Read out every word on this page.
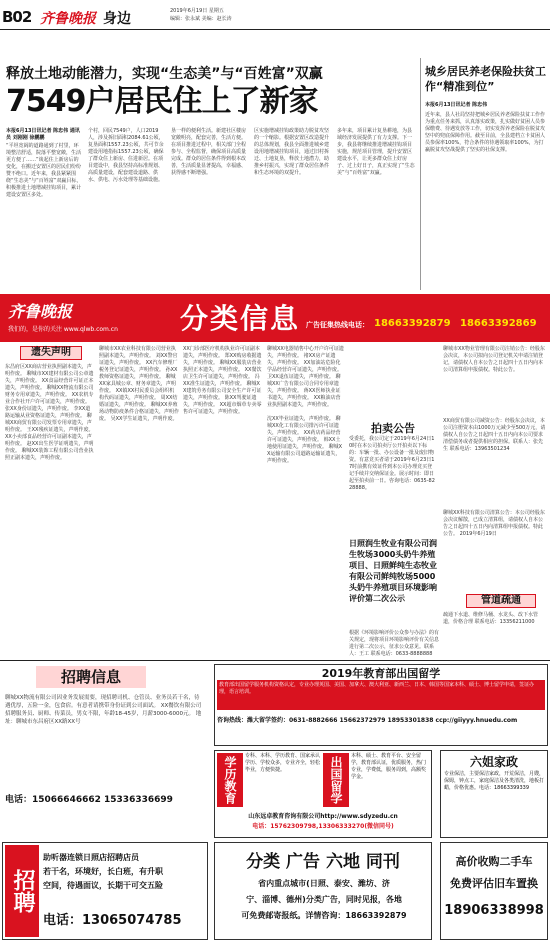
B02 齐鲁晚报 身边	2019年6月19日 星期五
编辑：张永斌 美编：赵长涛
释放土地动能潜力，实现“生态美”与“百姓富”双赢
7549户居民住上了新家
本报6月13日讯记者 陈忠伟 通讯员 刘刚刚 徐鹏鹏
“平坦宽阔的道路通到了村里，环境整洁舒适，院落平整宽敞，生活更方便了……”谈起住上新房后的变化，在搬迁安置区的居民们纷纷赞不绝口。近年来，我县紧紧围绕“生态美”与“百姓富”双赢目标，积极推进土地增减挂钩项目，累计建设安置区多处。
个村，回民7549户，人口2019人，涉及拆旧面积2084.61公顷，复垦面积1557.23公顷，共可节余建设用地指标1557.23公顷，确保了群众住上新房、住进新居。在项目建设中，我县坚持高标准规划、高质量建设，配套建设道路、供水、供电、污水处理等基础设施。
垦一样的便利生活。新建社区楼房宽敞明亮，配套完善，生活方便。在项目推进过程中，相关部门全程参与、全程监督，确保项目高质量完成。群众的居住条件得到根本改善，生活质量显著提高，幸福感、获得感不断增强。
区实施增减挂钩政策助力脱贫攻坚的一个缩影。根据安置区改造提升的总体规划，我县全面推进城乡建设用地增减挂钩项目，通过旧村拆迁、土地复垦，释放土地潜力，助推乡村振兴，实现了群众居住条件和生态环境的双提升。
多年来，项目累计复垦耕地，为县域经济发展提供了有力支撑。下一步，我县将继续推进增减挂钩项目实施，规范项目管理，提升安置区建设水平，让更多群众住上好房子、过上好日子，真正实现了“生态美”与“百姓富”双赢。
城乡居民养老保险扶贫工作“精准到位”
本报6月13日讯记者 陈忠伟
近年来，县人社局坚持把城乡居民养老保险扶贫工作作为重点任务来抓，认真落实政策，扎实做好贫困人员参保缴费、待遇发放等工作，切实发挥养老保险在脱贫攻坚中的兜底保障作用。截至目前，全县建档立卡贫困人员参保率100%，符合条件的待遇领取率100%，为打赢脱贫攻坚战提供了坚实的社保支撑。
齐鲁晚报
我们的，是你的关注 www.qlwb.com.cn	分类信息 广告征集热线电话： 18663392879 18663392869
遗失声明
东昌府区XX商店营业执照副本遗失，声明作废。 聊城市XX建材有限公司公章遗失，声明作废。 XX食品经营许可证正本遗失，声明作废。 聊城XX物流有限公司财务专用章遗失，声明作废。 XX农机专业合作社开户许可证遗失，声明作废。 张XX身份证遗失，声明作废。 李XX道路运输从业资格证遗失，声明作废。 聊城XX商贸有限公司发票专用章遗失，声明作废。 王XX残疾证遗失，声明作废。 XX小卖部食品经营许可证副本遗失，声明作废。 赵XX出生医学证明遗失，声明作废。 聊城XX装饰工程有限公司营业执照正副本遗失，声明作废。
聊城市XX农业科技有限公司营业执照副本遗失，声明作废。 刘XX警官证遗失，声明作废。 XX汽车修理厂税务登记证遗失，声明作废。 孙XX教师资格证遗失，声明作废。 聊城XX家具城公章、财务章遗失，声明作废。 XX镇XX村民委员会组织机构代码证遗失，声明作废。 周XX结婚证遗失，声明作废。 聊城XX养殖场动物防疫条件合格证遗失，声明作废。 吴XX学生证遗失，声明作废。
XX门诊部医疗机构执业许可证副本遗失，声明作废。 郑XX购房收据遗失，声明作废。 聊城XX服装店营业执照正本遗失，声明作废。 XX餐饮店卫生许可证遗失，声明作废。 冯XX准生证遗失，声明作废。 聊城XX建筑劳务有限公司安全生产许可证遗失，声明作废。 陈XX驾驶证遗失，声明作废。 XX超市烟草专卖零售许可证遗失，声明作废。
聊城XX电器销售中心开户许可证遗失，声明作废。 褚XX房产证遗失，声明作废。 XX加油站危险化学品经营许可证遗失，声明作废。 卫XX退伍证遗失，声明作废。 聊城XX广告有限公司合同专用章遗失，声明作废。 蒋XX医师执业证书遗失，声明作废。 XX粮油店营业执照副本遗失，声明作废。
沈XX毕业证遗失，声明作废。 聊城XX化工有限公司排污许可证遗失，声明作废。 XX药店药品经营许可证遗失，声明作废。 韩XX土地使用证遗失，声明作废。 聊城XX运输有限公司道路运输证遗失，声明作废。
拍卖公告
受委托，我公司定于2019年6月24日10时在本公司拍卖厅公开拍卖以下标的：车辆一批、办公设备一批及废旧物资。有意竞买者请于2019年6月23日17时前携有效证件到本公司办理竞买登记手续并交纳保证金。展示时间：即日起至拍卖前一日。咨询电话：0635-8228888。
日照润生牧业有限公司润生牧场3000头奶牛养殖项目、日照鲜纯生态牧业有限公司鲜纯牧场5000头奶牛养殖项目环境影响评价第二次公示
根据《环境影响评价公众参与办法》的有关规定，现将项目环境影响评价有关信息进行第二次公示，征求公众意见。联系人：王工 联系电话：0633-8888888
聊城市XX物业管理有限公司注销公告：经股东会决议，本公司拟向公司登记机关申请注销登记，请债权人自本公告之日起四十五日内向本公司清算组申报债权。特此公告。
XX商贸有限公司减资公告：经股东会决议，本公司注册资本由1000万元减少至500万元，请债权人自公告之日起四十五日内向本公司要求清偿债务或者提供相应的担保。联系人：张先生 联系电话：13963501234
聊城XX科技有限公司清算公告：本公司经股东会决议解散，已成立清算组，请债权人自本公告之日起四十五日内向清算组申报债权。特此公告。 2019年6月19日
管道疏通
疏通下水道、维修马桶、水龙头、改下水管道，价格合理 联系电话：13356211000
招聘信息
聊城XX物流有限公司因业务发展需要，现招聘司机、仓管员、业务员若干名，待遇优厚，五险一金，包食宿。有意者请携带身份证到公司面试。 XX餐饮有限公司招聘服务员、厨师、传菜员，男女不限，年龄18-45岁，月薪3000-6000元。 地址：聊城市东昌府区XX路XX号
电话：15066646662 15336336699
2019年教育部出国留学
教育部出国留学服务机构资格认定，专业办理英国、美国、加拿大、澳大利亚、新西兰、日本、韩国等国家本科、硕士、博士留学申请，签证办理，语言培训。
咨询热线：潍大留学签约：0631-8882666 15662372979 18953301838 ccp://giiyyy.hnuedu.com
学历教育	专科、本科、学历教育、国家承认学历、学校众多，专业齐全，轻松毕业，方便快捷。	出国留学	本科、硕士、教育平台、安全留学，教育部认证，优质服务，热门专业，学费低，服务周到，高额奖学金。
山东远卓教育咨询有限公司http://www.sdyzedu.cn
电话：15762309798,13306333270(微信同号)
六姐家政
专业保洁，主要保洁家政，开荒保洁，月嫂，保姆，钟点工，家庭保洁及各类清洗，地板打蜡，价格优惠。电话：18663399339
招聘
助听器连锁日照店招聘店员
若干名，环境好，长白班，有升职
空间，待遇面议，长期干可交五险
电话：13065074785
分类 广告 六地 同刊
省内重点城市(日照、泰安、潍坊、济
宁、淄博、德州)分类广告，同时见报，各地
可免费邮寄报纸。详情咨询：18663392879
高价收购二手车
免费评估旧车置换
18906338998
